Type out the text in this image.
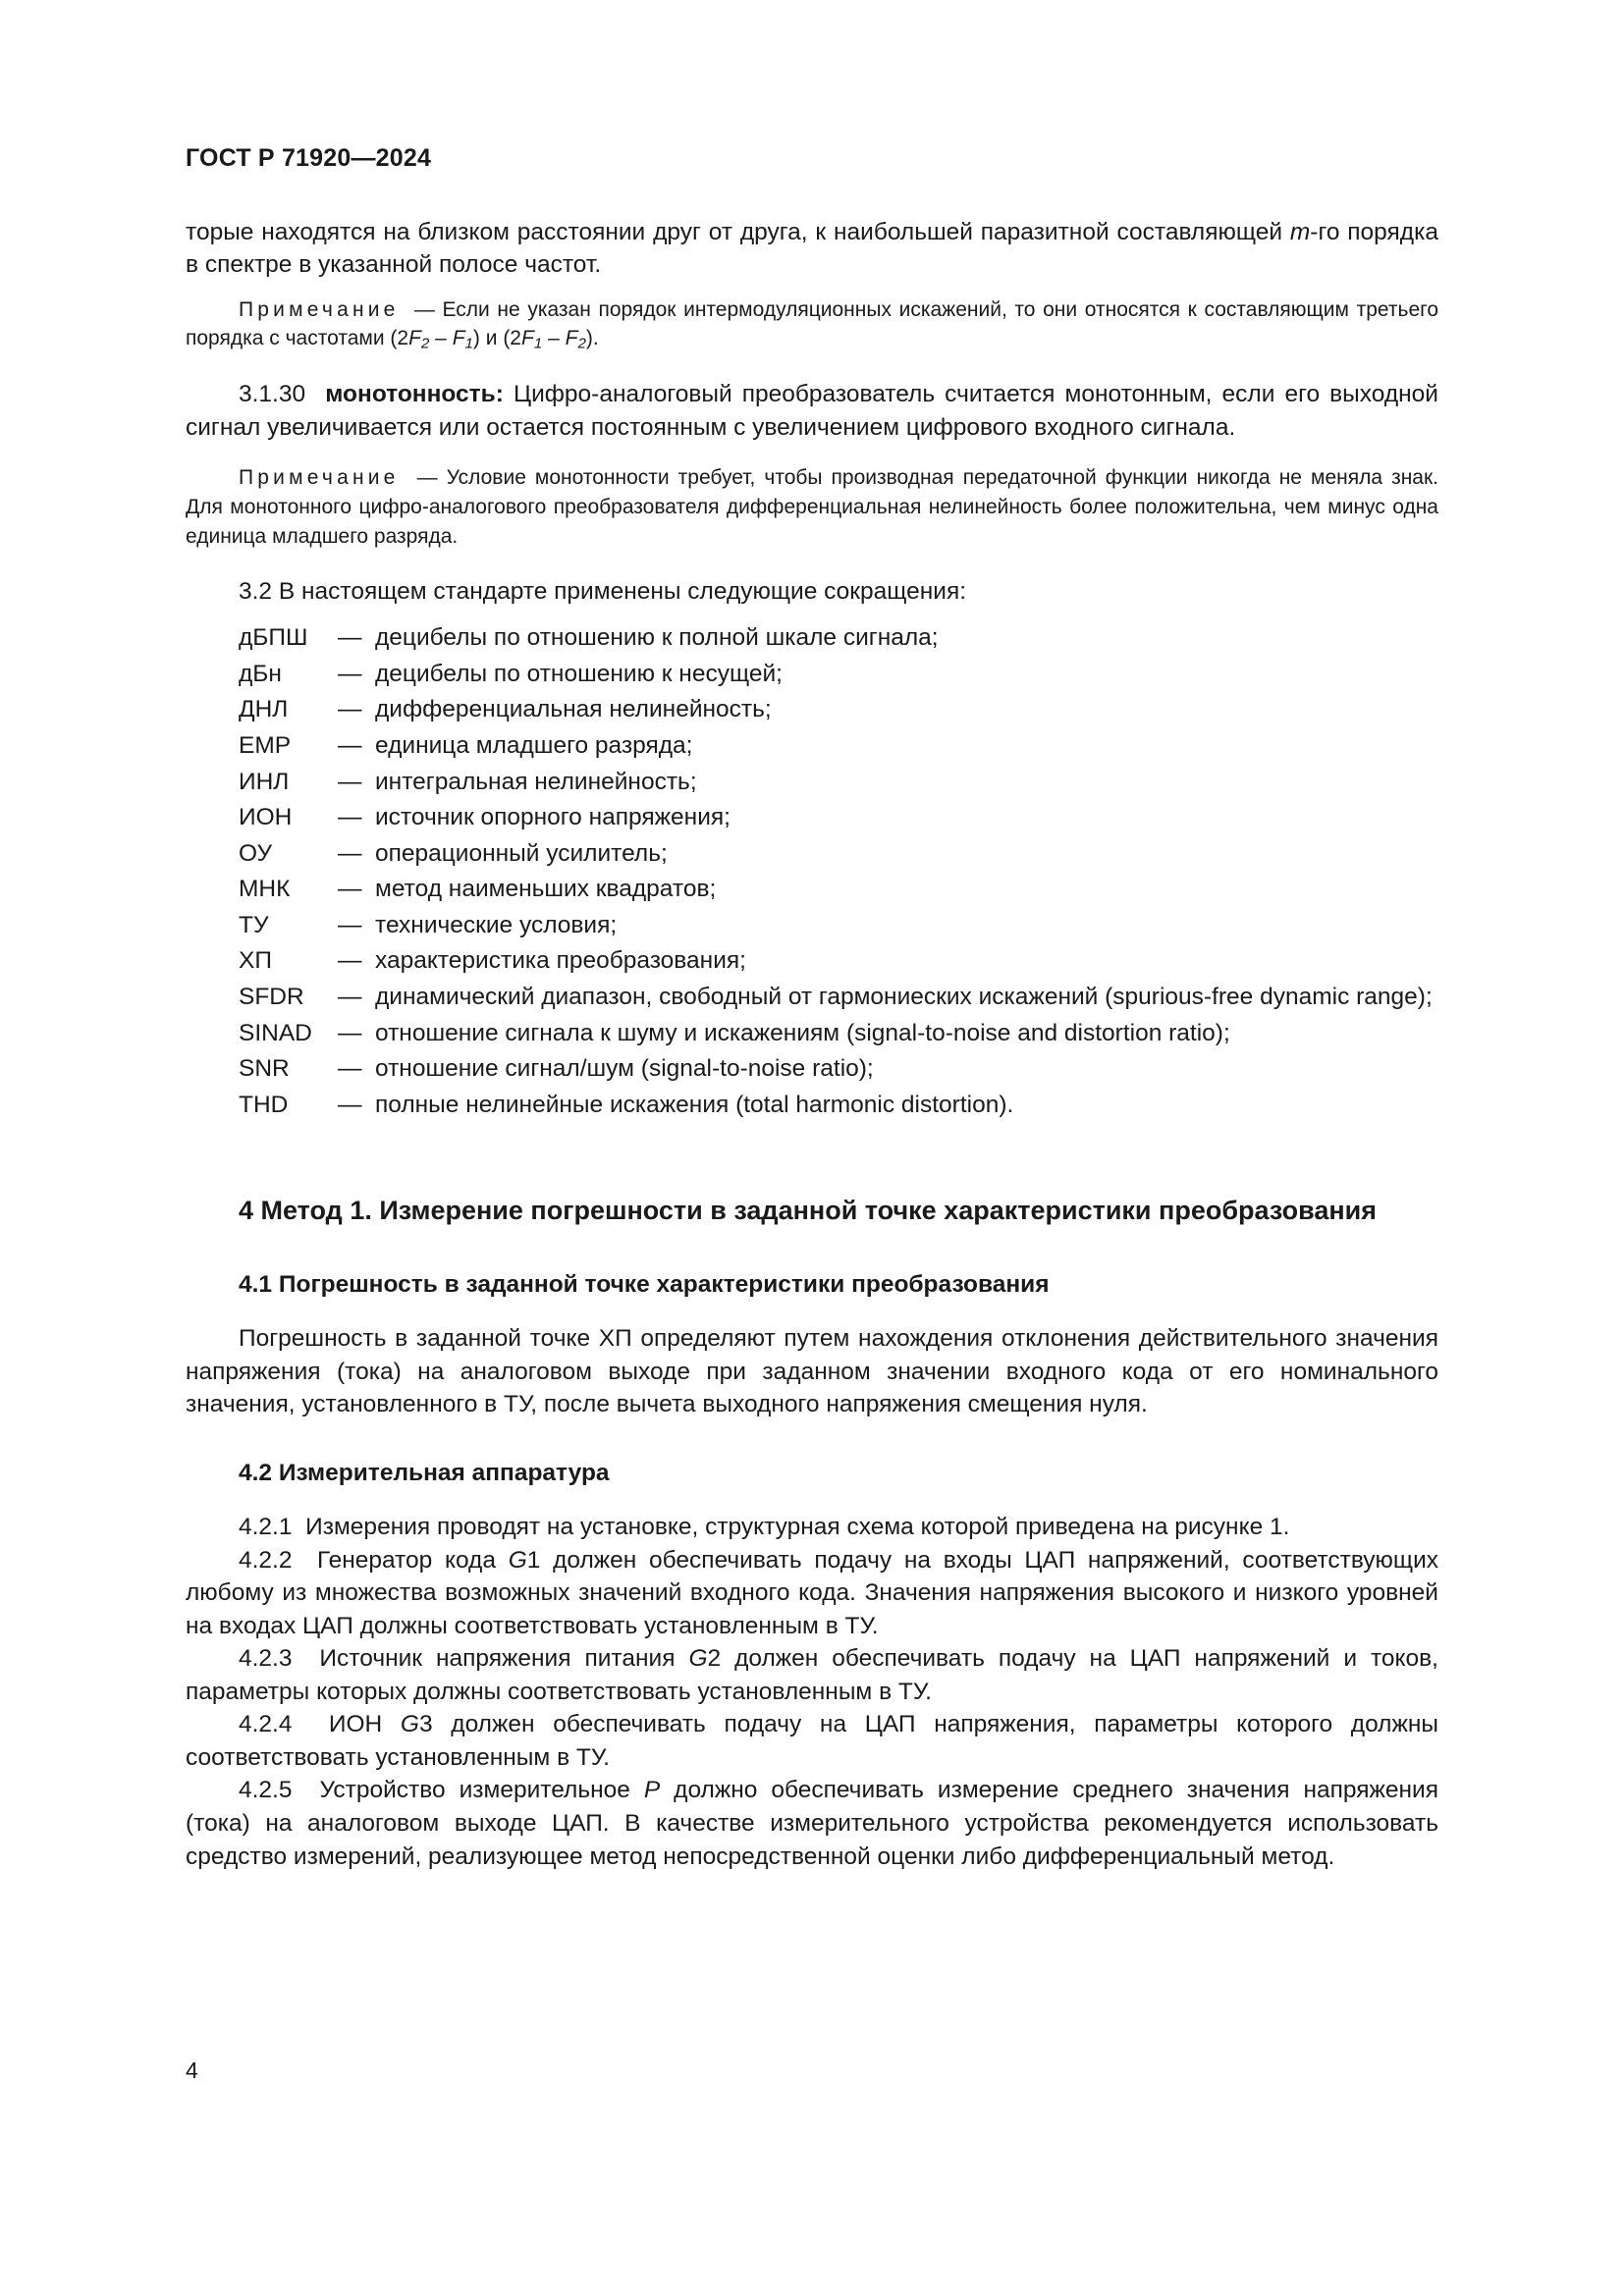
ГОСТ Р 71920—2024

торые находятся на близком расстоянии друг от друга, к наибольшей паразитной составляющей m-го порядка в спектре в указанной полосе частот.

Примечание — Если не указан порядок интермодуляционных искажений, то они относятся к составляющим третьего порядка с частотами $(2F_2 - F_1)$ и $(2F_1 - F_2)$.

3.1.30 монотонность: Цифро-аналоговый преобразователь считается монотонным, если его выходной сигнал увеличивается или остается постоянным с увеличением цифрового входного сигнала.

Примечание — Условие монотонности требует, чтобы производная передаточной функции никогда не меняла знак. Для монотонного цифро-аналогового преобразователя дифференциальная нелинейность более положительна, чем минус одна единица младшего разряда.

3.2 В настоящем стандарте применены следующие сокращения:

дБПШ	— децибелы по отношению к полной шкале сигнала;
дБн	— децибелы по отношению к несущей;
ДНЛ	— дифференциальная нелинейность;
ЕМР	— единица младшего разряда;
ИНЛ	— интегральная нелинейность;
ИОН	— источник опорного напряжения;
ОУ	— операционный усилитель;
МНК	— метод наименьших квадратов;
ТУ	— технические условия;
ХП	— характеристика преобразования;
SFDR	— динамический диапазон, свободный от гармониеских искажений (spurious-free dynamic range);
SINAD	— отношение сигнала к шуму и искажениям (signal-to-noise and distortion ratio);
SNR	— отношение сигнал/шум (signal-to-noise ratio);
THD	— полные нелинейные искажения (total harmonic distortion).
4 Метод 1. Измерение погрешности в заданной точке характеристики преобразования
4.1 Погрешность в заданной точке характеристики преобразования

Погрешность в заданной точке ХП определяют путем нахождения отклонения действительного значения напряжения (тока) на аналоговом выходе при заданном значении входного кода от его номинального значения, установленного в ТУ, после вычета выходного напряжения смещения нуля.

4.2 Измерительная аппаратура

4.2.1 Измерения проводят на установке, структурная схема которой приведена на рисунке 1.

4.2.2 Генератор кода G1 должен обеспечивать подачу на входы ЦАП напряжений, соответствующих любому из множества возможных значений входного кода. Значения напряжения высокого и низкого уровней на входах ЦАП должны соответствовать установленным в ТУ.

4.2.3 Источник напряжения питания G2 должен обеспечивать подачу на ЦАП напряжений и токов, параметры которых должны соответствовать установленным в ТУ.

4.2.4 ИОН G3 должен обеспечивать подачу на ЦАП напряжения, параметры которого должны соответствовать установленным в ТУ.

4.2.5 Устройство измерительное P должно обеспечивать измерение среднего значения напряжения (тока) на аналоговом выходе ЦАП. В качестве измерительного устройства рекомендуется использовать средство измерений, реализующее метод непосредственной оценки либо дифференциальный метод.

4
